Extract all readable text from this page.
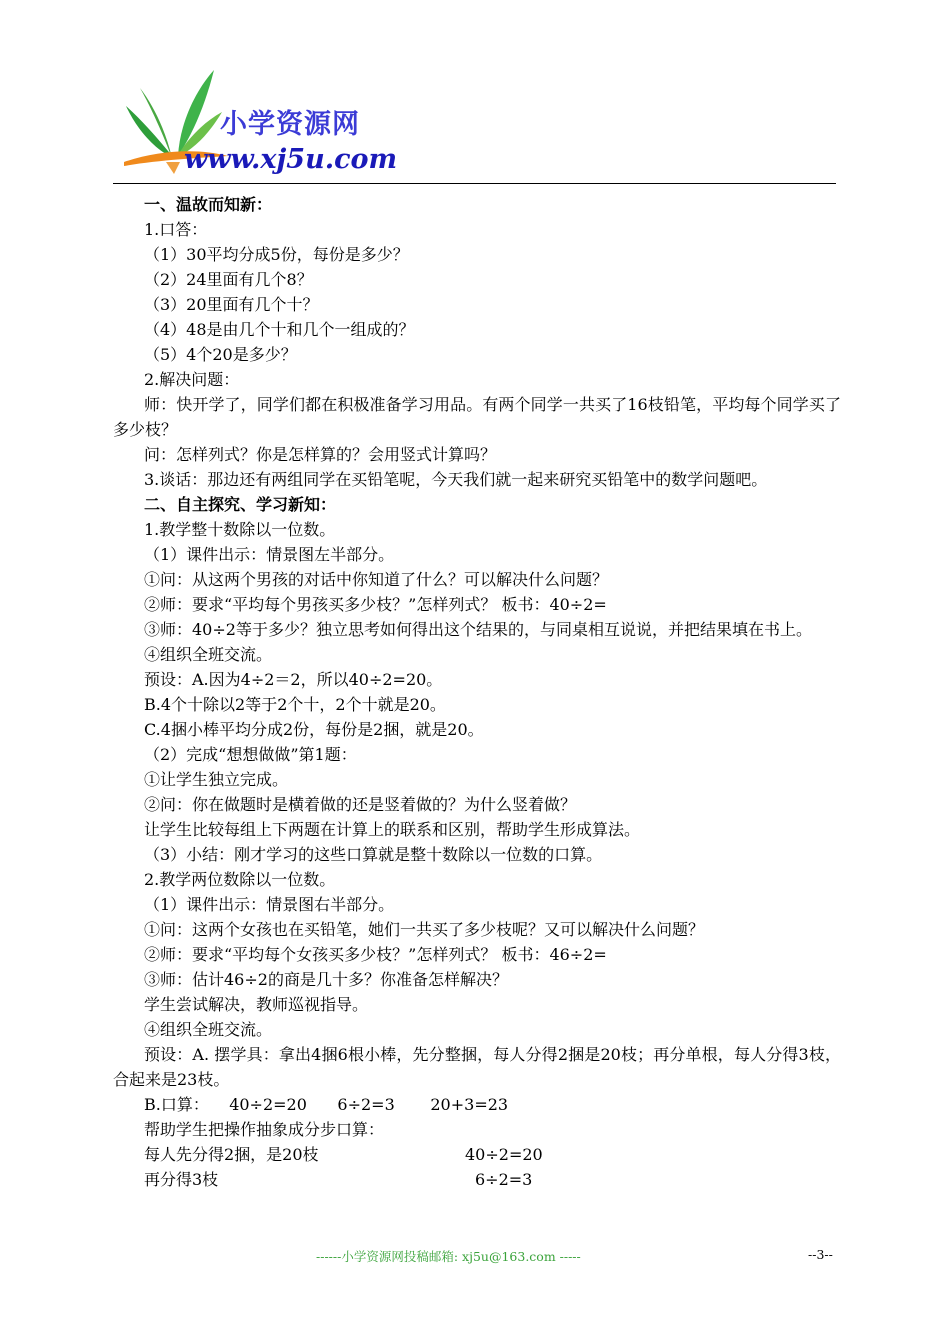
小学资源网
www.xj5u.com

一、温故而知新：

1.口答：

（1）30平均分成5份，每份是多少？

（2）24里面有几个8？

（3）20里面有几个十？

（4）48是由几个十和几个一组成的？

（5）4个20是多少？

2.解决问题：

师：快开学了，同学们都在积极准备学习用品。有两个同学一共买了16枝铅笔，平均每个同学买了多少枝？

问：怎样列式？你是怎样算的？会用竖式计算吗？

3.谈话：那边还有两组同学在买铅笔呢，今天我们就一起来研究买铅笔中的数学问题吧。

二、自主探究、学习新知：

1.教学整十数除以一位数。

（1）课件出示：情景图左半部分。

①问：从这两个男孩的对话中你知道了什么？可以解决什么问题？

②师：要求“平均每个男孩买多少枝？”怎样列式？ 板书：40÷2=

③师：40÷2等于多少？独立思考如何得出这个结果的，与同桌相互说说，并把结果填在书上。

④组织全班交流。

预设：A.因为4÷2＝2，所以40÷2=20。

B.4个十除以2等于2个十，2个十就是20。

C.4捆小棒平均分成2份，每份是2捆，就是20。

（2）完成“想想做做”第1题：

①让学生独立完成。

②问：你在做题时是横着做的还是竖着做的？为什么竖着做？

让学生比较每组上下两题在计算上的联系和区别，帮助学生形成算法。

（3）小结：刚才学习的这些口算就是整十数除以一位数的口算。

2.教学两位数除以一位数。

（1）课件出示：情景图右半部分。

①问：这两个女孩也在买铅笔，她们一共买了多少枝呢？又可以解决什么问题？

②师：要求“平均每个女孩买多少枝？”怎样列式？ 板书：46÷2=

③师：估计46÷2的商是几十多？你准备怎样解决？

学生尝试解决，教师巡视指导。

④组织全班交流。

预设：A. 摆学具：拿出4捆6根小棒，先分整捆，每人分得2捆是20枝；再分单根，每人分得3枝，合起来是23枝。

B.口算：    40÷2=20      6÷2=3       20+3=23

帮助学生把操作抽象成分步口算：

每人先分得2捆，是20枝	40÷2=20

再分得3枝	6÷2=3

------小学资源网投稿邮箱: xj5u@163.com -----	--3--
